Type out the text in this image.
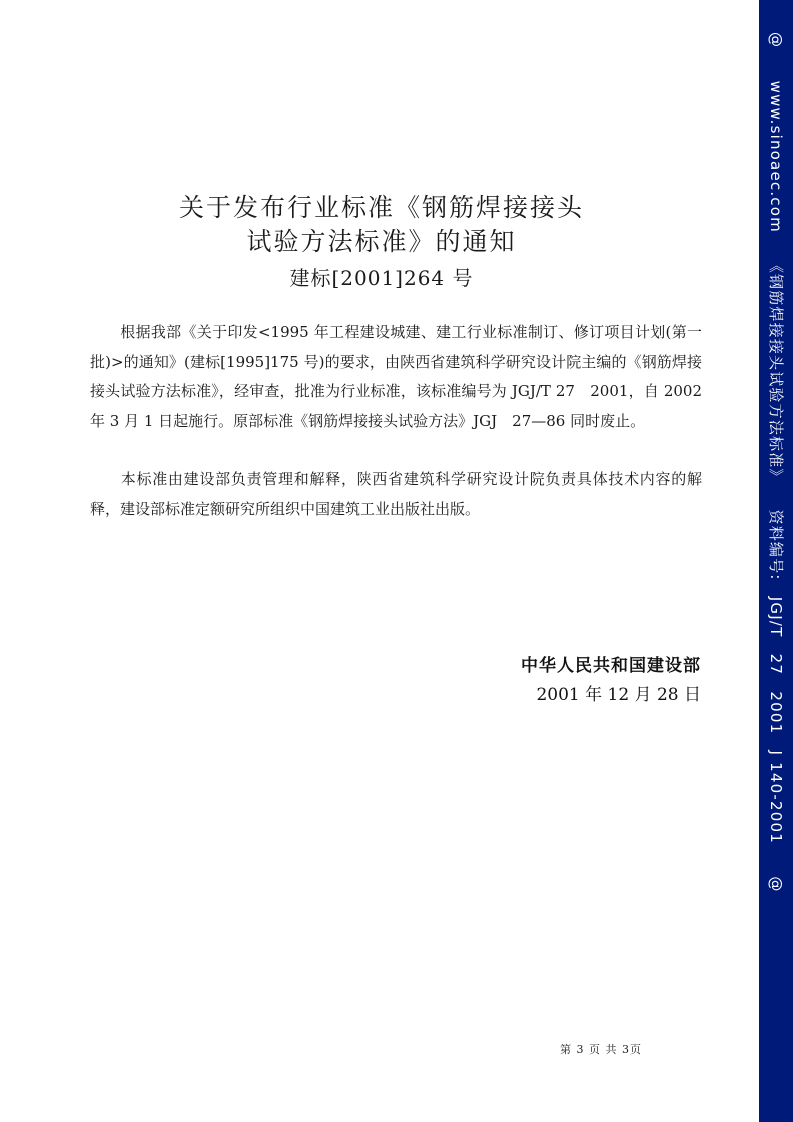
关于发布行业标准《钢筋焊接接头
试验方法标准》的通知
建标[2001]264 号

根据我部《关于印发<1995 年工程建设城建、建工行业标准制订、修订项目计划(第一批)>的通知》(建标[1995]175 号)的要求，由陕西省建筑科学研究设计院主编的《钢筋焊接接头试验方法标准》，经审查，批准为行业标准，该标准编号为 JGJ/T 27　2001，自 2002 年 3 月 1 日起施行。原部标准《钢筋焊接接头试验方法》JGJ　27—86 同时废止。

本标准由建设部负责管理和解释，陕西省建筑科学研究设计院负责具体技术内容的解释，建设部标准定额研究所组织中国建筑工业出版社出版。

中华人民共和国建设部
2001 年 12 月 28 日
第 3 页 共 3页
@　　www.sinoaec.com　　《钢筋焊接接头试验方法标准》　　资料编号:　JGJ/T　27　2001　J 140-2001　　@
